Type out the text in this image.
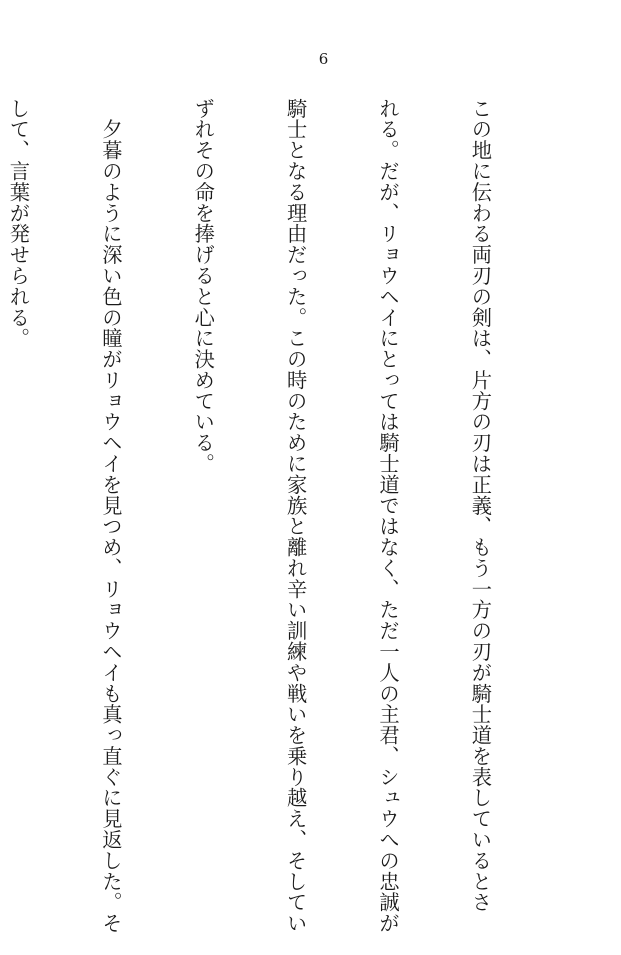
6

この地に伝わる両刃の剣は、片方の刃は正義、もう一方の刃が騎士道を表しているとさ

れる。だが、リョウヘイにとっては騎士道ではなく、ただ一人の主君、シュウへの忠誠が

騎士となる理由だった。この時のために家族と離れ辛い訓練や戦いを乗り越え、そしてい

ずれその命を捧げると心に決めている。

　夕暮のように深い色の瞳がリョウヘイを見つめ、リョウヘイも真っ直ぐに見返した。そ

して、言葉が発せられる。
